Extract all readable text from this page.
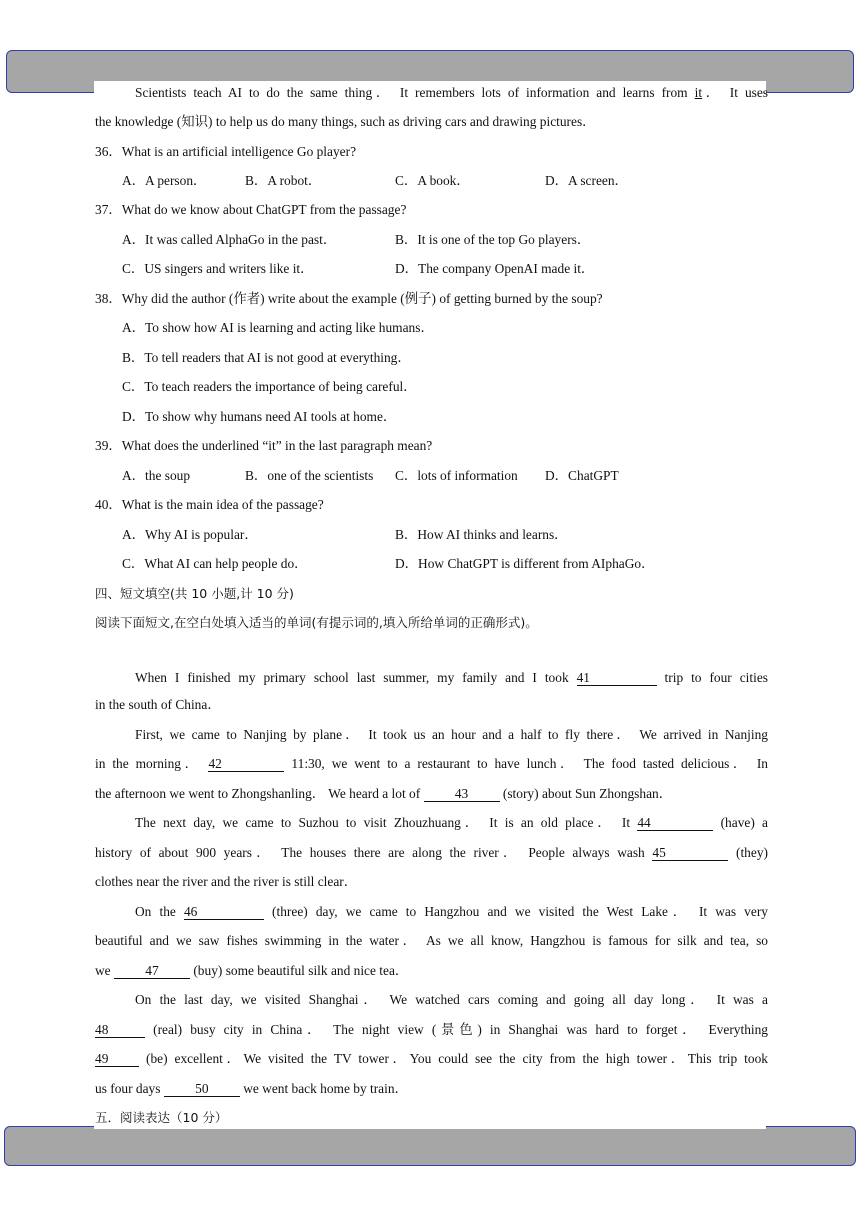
Scientists teach AI to do the same thing． It remembers lots of information and learns from it． It uses
the knowledge (知识) to help us do many things, such as driving cars and drawing pictures．
36．What is an artificial intelligence Go player?
A．A person．	B．A robot．	C．A book．	D．A screen．
37．What do we know about ChatGPT from the passage?
A．It was called AlphaGo in the past．	B．It is one of the top Go players．
C．US singers and writers like it．	D．The company OpenAI made it．
38．Why did the author (作者) write about the example (例子) of getting burned by the soup?
A．To show how AI is learning and acting like humans．
B．To tell readers that AI is not good at everything．
C．To teach readers the importance of being careful．
D．To show why humans need AI tools at home．
39．What does the underlined “it” in the last paragraph mean?
A．the soup	B．one of the scientists C．lots of information D．ChatGPT
40．What is the main idea of the passage?
A．Why AI is popular．	B．How AI thinks and learns．
C．What AI can help people do．	D．How ChatGPT is different from AIphaGo．
四、短文填空(共 10 小题,计 10 分)
阅读下面短文,在空白处填入适当的单词(有提示词的,填入所给单词的正确形式)。
When I finished my primary school last summer, my family and I took 41	trip to four cities
in the south of China．
First, we came to Nanjing by plane． It took us an hour and a half to fly there． We arrived in Nanjing
in the morning． 42	11:30, we went to a restaurant to have lunch． The food tasted delicious． In
the afternoon we went to Zhongshanling． We heard a lot of	43	(story) about Sun Zhongshan．
The next day, we came to Suzhou to visit Zhouzhuang． It is an old place． It 44	(have) a
history of about 900 years． The houses there are along the river． People always wash 45	(they)
clothes near the river and the river is still clear．
On the 46	(three) day, we came to Hangzhou and we visited the West Lake． It was very
beautiful and we saw fishes swimming in the water． As we all know, Hangzhou is famous for silk and tea, so
we	47	(buy) some beautiful silk and nice tea．
On the last day, we visited Shanghai． We watched cars coming and going all day long． It was a
48	(real) busy city in China． The night view (景色) in Shanghai was hard to forget． Everything
49	(be) excellent．We visited the TV tower．You could see the city from the high tower．This trip took
us four days	50	we went back home by train．
五．阅读表达（10 分）
